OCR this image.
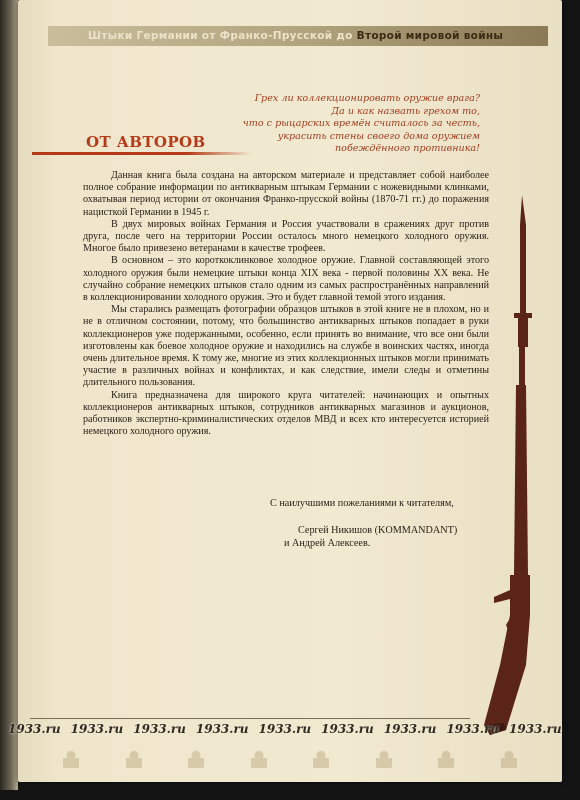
Штыки Германии от Франко-Прусской до Второй мировой войны
Грех ли коллекционировать оружие врага?
Да и как назвать грехом то,
что с рыцарских времён считалось за честь,
украсить стены своего дома оружием
побеждённого противника!
ОТ АВТОРОВ

Данная книга была создана на авторском материале и представляет собой наиболее полное собрание информации по антикварным штыкам Германии с ножевидными клинками, охватывая период истории от окончания Франко-прусской войны (1870-71 гг.) до поражения нацисткой Германии в 1945 г.

В двух мировых войнах Германия и Россия участвовали в сражениях друг против друга, после чего на территории России осталось много немецкого холодного оружия. Многое было привезено ветеранами в качестве трофеев.

В основном – это короткоклинковое холодное оружие. Главной составляющей этого холодного оружия были немецкие штыки конца XIX века - первой половины XX века. Не случайно собрание немецких штыков стало одним из самых распространённых направлений в коллекционировании холодного оружия. Это и будет главной темой этого издания.

Мы старались размещать фотографии образцов штыков в этой книге не в плохом, но и не в отличном состоянии, потому, что большинство антикварных штыков попадает в руки коллекционеров уже подержанными, особенно, если принять во внимание, что все они были изготовлены как боевое холодное оружие и находились на службе в воинских частях, иногда очень длительное время. К тому же, многие из этих коллекционных штыков могли принимать участие в различных войнах и конфликтах, и как следствие, имели следы и отметины длительного пользования.

Книга предназначена для широкого круга читателей: начинающих и опытных коллекционеров антикварных штыков, сотрудников антикварных магазинов и аукционов, работников экспертно-криминалистических отделов МВД и всех кто интересуется историей немецкого холодного оружия.

С наилучшими пожеланиями к читателям,
Сергей Никишов (KOMMANDANT)
и Андрей Алексеев.
1933.ru 1933.ru 1933.ru 1933.ru 1933.ru 1933.ru 1933.ru 1933.ru 1933.ru
